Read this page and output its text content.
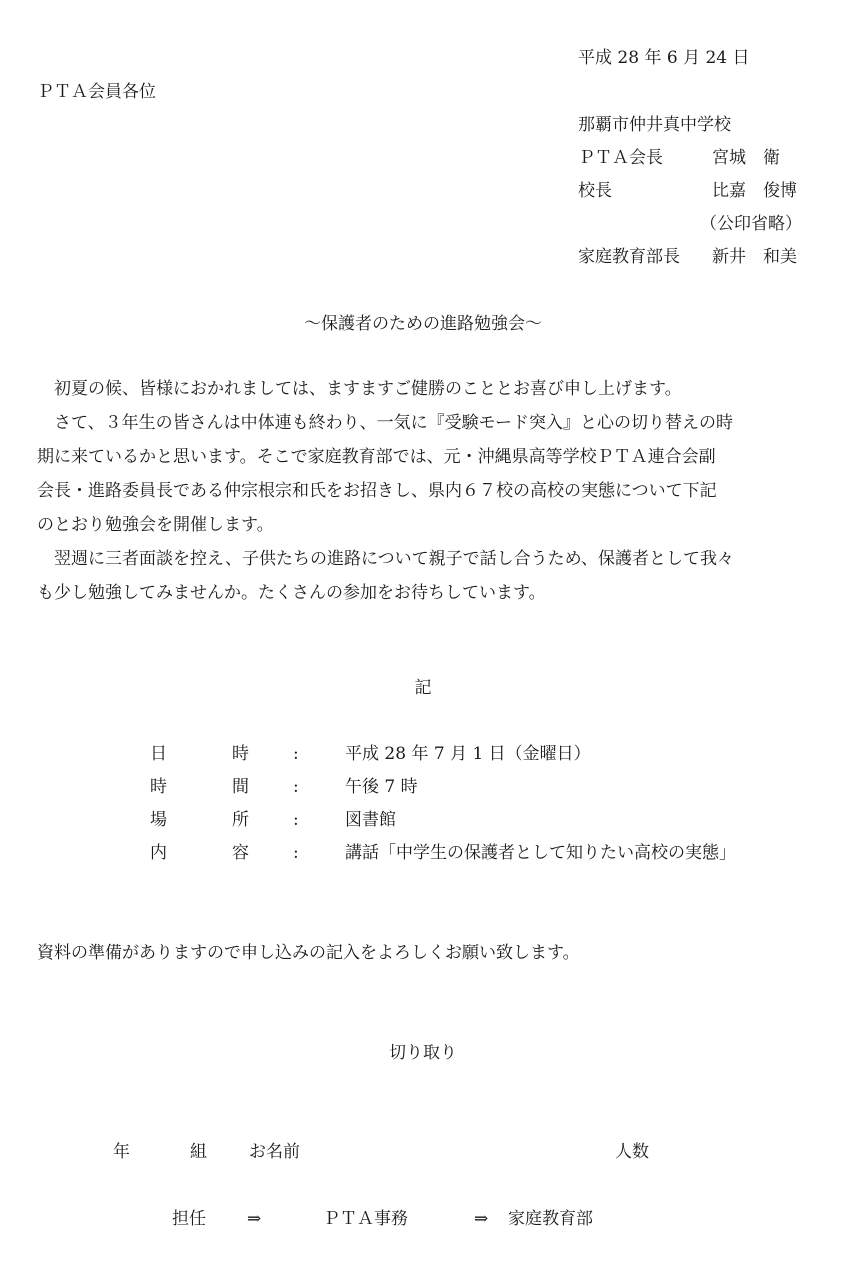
平成 28 年 6 月 24 日
ＰＴＡ会員各位
那覇市仲井真中学校
ＰＴＡ会長	宮城　衛
校長	比嘉　俊博
（公印省略）
家庭教育部長 新井　和美
～保護者のための進路勉強会～
　初夏の候、皆様におかれましては、ますますご健勝のこととお喜び申し上げます。
　さて、３年生の皆さんは中体連も終わり、一気に『受験モード突入』と心の切り替えの時
期に来ているかと思います。そこで家庭教育部では、元・沖縄県高等学校ＰＴＡ連合会副
会長・進路委員長である仲宗根宗和氏をお招きし、県内６７校の高校の実態について下記
のとおり勉強会を開催します。
　翌週に三者面談を控え、子供たちの進路について親子で話し合うため、保護者として我々
も少し勉強してみませんか。たくさんの参加をお待ちしています。
記
日	時	:	平成 28 年 7 月 1 日（金曜日）
時	間	:	午後 7 時
場	所	:	図書館
内	容	:	講話「中学生の保護者として知りたい高校の実態」
資料の準備がありますので申し込みの記入をよろしくお願い致します。
切り取り
年	組 お名前	人数
担任 ⇒	ＰＴＡ事務	⇒ 家庭教育部
